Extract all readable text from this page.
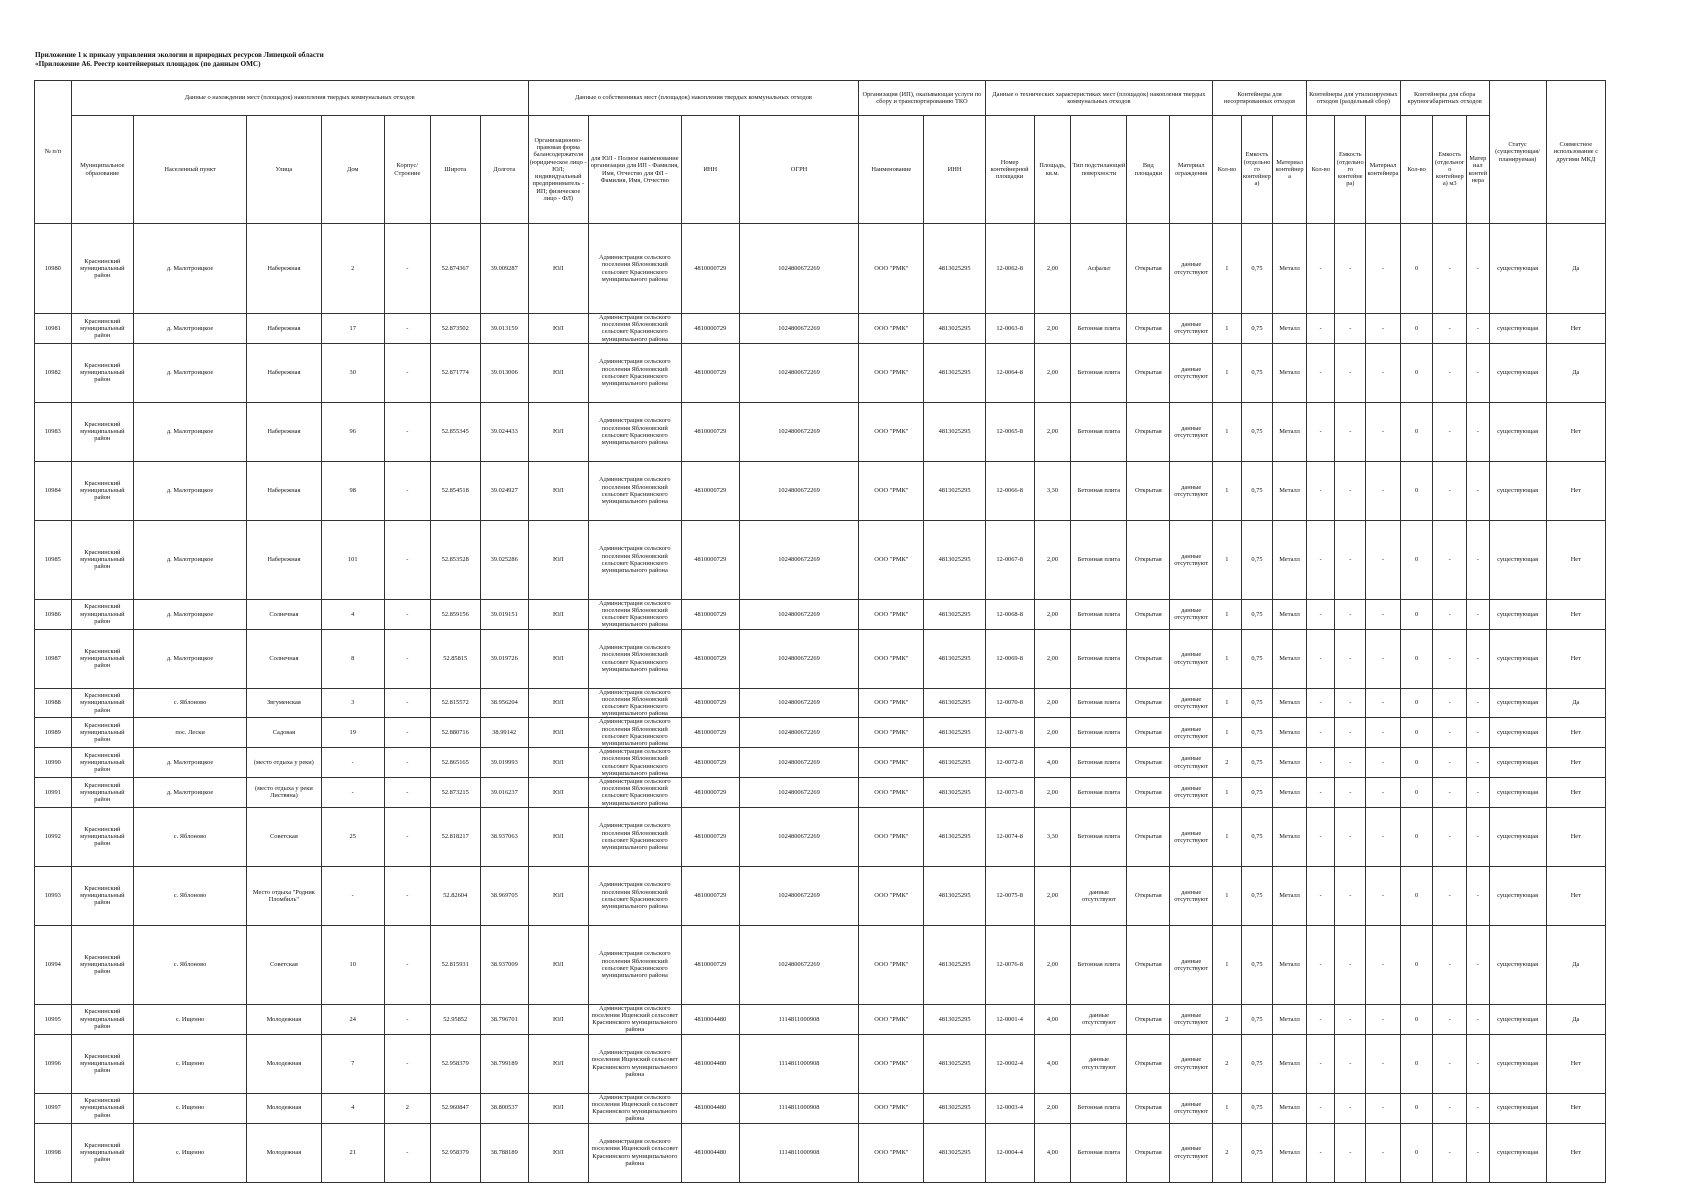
Приложение 1 к приказу управления экологии и природных ресурсов Липецкой области
«Приложение А6. Реестр контейнерных площадок (по данным ОМС)
№ п/п	Данные о нахождении мест (площадок) накопления твердых коммунальных отходов							Данные о собственниках мест (площадок) накопления твердых коммунальных отходов				Организация (ИП), оказывающая услуги по сбору и транспортированию ТКО		Данные о технических характеристиках мест (площадок) накопления твердых коммунальных отходов					Контейнеры для несортированных отходов			Контейнеры для утилизируемых отходов (раздельный сбор)			Контейнеры для сбора крупногабаритных отходов			Статус (существующая/ планируемая)	Совместное использование с другими МКД
	Муниципальное образование	Населенный пункт	Улица	Дом	Корпус/Строение	Широта	Долгота	Организационно-правовая форма балансодержателя (юридическое лицо - ЮЛ; индивидуальный предприниматель - ИП; физическое лицо - ФЛ)	для ЮЛ - Полное наименование организации для ИП - Фамилия, Имя, Отчество для ФЛ - Фамилия, Имя, Отчество	ИНН	ОГРН	Наименование	ИНН	Номер контейнерной площадки	Площадь, кв.м.	Тип подстилающей поверхности	Вид площадки	Материал ограждения	Кол-во	Емкость (отдельного контейнера)	Материал контейнера	Кол-во	Емкость (отдельного контейнера)	Материал контейнера	Кол-во	Емкость (отдельного контейнера) м3	Материал контейнера		
10980	Краснинский муниципальный район	д. Малотроицкое	Набережная	2	-	52.874367	39.009287	ЮЛ	Администрация сельского поселения Яблоновский сельсовет Краснинского муниципального района	4810000729	1024800672269	ООО "РМК"	4813025295	12-0062-8	2,00	Асфальт	Открытая	данные отсутствуют	1	0,75	Металл	-	-	-	0	-	-	существующая	Да
10981	Краснинский муниципальный район	д. Малотроицкое	Набережная	17	-	52.873502	39.013159	ЮЛ	Администрация сельского поселения Яблоновский сельсовет Краснинского муниципального района	4810000729	1024800672269	ООО "РМК"	4813025295	12-0063-8	2,00	Бетонная плита	Открытая	данные отсутствуют	1	0,75	Металл	-	-	-	0	-	-	существующая	Нет
10982	Краснинский муниципальный район	д. Малотроицкое	Набережная	30	-	52.871774	39.013006	ЮЛ	Администрация сельского поселения Яблоновский сельсовет Краснинского муниципального района	4810000729	1024800672269	ООО "РМК"	4813025295	12-0064-8	2,00	Бетонная плита	Открытая	данные отсутствуют	1	0,75	Металл	-	-	-	0	-	-	существующая	Да
10983	Краснинский муниципальный район	д. Малотроицкое	Набережная	96	-	52.855345	39.024433	ЮЛ	Администрация сельского поселения Яблоновский сельсовет Краснинского муниципального района	4810000729	1024800672269	ООО "РМК"	4813025295	12-0065-8	2,00	Бетонная плита	Открытая	данные отсутствуют	1	0,75	Металл	-	-	-	0	-	-	существующая	Нет
10984	Краснинский муниципальный район	д. Малотроицкое	Набережная	98	-	52.854518	39.024927	ЮЛ	Администрация сельского поселения Яблоновский сельсовет Краснинского муниципального района	4810000729	1024800672269	ООО "РМК"	4813025295	12-0066-8	3,30	Бетонная плита	Открытая	данные отсутствуют	1	0,75	Металл	-	-	-	0	-	-	существующая	Нет
10985	Краснинский муниципальный район	д. Малотроицкое	Набережная	101	-	52.853528	39.025286	ЮЛ	Администрация сельского поселения Яблоновский сельсовет Краснинского муниципального района	4810000729	1024800672269	ООО "РМК"	4813025295	12-0067-8	2,00	Бетонная плита	Открытая	данные отсутствуют	1	0,75	Металл	-	-	-	0	-	-	существующая	Нет
10986	Краснинский муниципальный район	д. Малотроицкое	Солнечная	4	-	52.859156	39.019151	ЮЛ	Администрация сельского поселения Яблоновский сельсовет Краснинского муниципального района	4810000729	1024800672269	ООО "РМК"	4813025295	12-0068-8	2,00	Бетонная плита	Открытая	данные отсутствуют	1	0,75	Металл	-	-	-	0	-	-	существующая	Нет
10987	Краснинский муниципальный район	д. Малотроицкое	Солнечная	8	-	52.85815	39.019726	ЮЛ	Администрация сельского поселения Яблоновский сельсовет Краснинского муниципального района	4810000729	1024800672269	ООО "РМК"	4813025295	12-0069-8	2,00	Бетонная плита	Открытая	данные отсутствуют	1	0,75	Металл	-	-	-	0	-	-	существующая	Нет
10988	Краснинский муниципальный район	с. Яблоново	Звгуменская	3	-	52.815572	38.956204	ЮЛ	Администрация сельского поселения Яблоновский сельсовет Краснинского муниципального района	4810000729	1024800672269	ООО "РМК"	4813025295	12-0070-8	2,00	Бетонная плита	Открытая	данные отсутствуют	1	0,75	Металл	-	-	-	0	-	-	существующая	Да
10989	Краснинский муниципальный район	пос. Лески	Садовая	19	-	52.880716	38.99142	ЮЛ	Администрация сельского поселения Яблоновский сельсовет Краснинского муниципального района	4810000729	1024800672269	ООО "РМК"	4813025295	12-0071-8	2,00	Бетонная плита	Открытая	данные отсутствуют	1	0,75	Металл	-	-	-	0	-	-	существующая	Нет
10990	Краснинский муниципальный район	д. Малотроицкое	(место отдыха у реки)	-	-	52.865165	39.019993	ЮЛ	Администрация сельского поселения Яблоновский сельсовет Краснинского муниципального района	4810000729	1024800672269	ООО "РМК"	4813025295	12-0072-8	4,00	Бетонная плита	Открытая	данные отсутствуют	2	0,75	Металл	-	-	-	0	-	-	существующая	Нет
10991	Краснинский муниципальный район	д. Малотроицкое	(место отдыха у реки Листвяна)	-	-	52.873215	39.016237	ЮЛ	Администрация сельского поселения Яблоновский сельсовет Краснинского муниципального района	4810000729	1024800672269	ООО "РМК"	4813025295	12-0073-8	2,00	Бетонная плита	Открытая	данные отсутствуют	1	0,75	Металл	-	-	-	0	-	-	существующая	Нет
10992	Краснинский муниципальный район	с. Яблоново	Советская	25	-	52.818217	38.937063	ЮЛ	Администрация сельского поселения Яблоновский сельсовет Краснинского муниципального района	4810000729	1024800672269	ООО "РМК"	4813025295	12-0074-8	3,30	Бетонная плита	Открытая	данные отсутствуют	1	0,75	Металл	-	-	-	0	-	-	существующая	Нет
10993	Краснинский муниципальный район	с. Яблоново	Место отдыха "Родник Пломбиль"	-	-	52.82604	38.969705	ЮЛ	Администрация сельского поселения Яблоновский сельсовет Краснинского муниципального района	4810000729	1024800672269	ООО "РМК"	4813025295	12-0075-8	2,00	данные отсутствуют	Открытая	данные отсутствуют	1	0,75	Металл	-	-	-	0	-	-	существующая	Нет
10994	Краснинский муниципальный район	с. Яблоново	Советская	10	-	52.815931	38.937009	ЮЛ	Администрация сельского поселения Яблоновский сельсовет Краснинского муниципального района	4810000729	1024800672269	ООО "РМК"	4813025295	12-0076-8	2,00	Бетонная плита	Открытая	данные отсутствуют	1	0,75	Металл	-	-	-	0	-	-	существующая	Да
10995	Краснинский муниципальный район	с. Ищенно	Молодежная	24	-	52.95852	38.796701	ЮЛ	Администрация сельского поселения Ищенский сельсовет Краснинского муниципального района	4810004480	1114811000908	ООО "РМК"	4813025295	12-0001-4	4,00	данные отсутствуют	Открытая	данные отсутствуют	2	0,75	Металл	-	-	-	0	-	-	существующая	Да
10996	Краснинский муниципальный район	с. Ищенно	Молодежная	7	-	52.958379	38.799189	ЮЛ	Администрация сельского поселения Ищенский сельсовет Краснинского муниципального района	4810004480	1114811000908	ООО "РМК"	4813025295	12-0002-4	4,00	данные отсутствуют	Открытая	данные отсутствуют	2	0,75	Металл	-	-	-	0	-	-	существующая	Нет
10997	Краснинский муниципальный район	с. Ищенно	Молодежная	4	2	52.960847	38.800537	ЮЛ	Администрация сельского поселения Ищенский сельсовет Краснинского муниципального района	4810004480	1114811000908	ООО "РМК"	4813025295	12-0003-4	2,00	Бетонная плита	Открытая	данные отсутствуют	1	0,75	Металл	-	-	-	0	-	-	существующая	Нет
10998	Краснинский муниципальный район	с. Ищенно	Молодежная	21	-	52.958379	38.788189	ЮЛ	Администрация сельского поселения Ищенский сельсовет Краснинского муниципального района	4810004480	1114811000908	ООО "РМК"	4813025295	12-0004-4	4,00	Бетонная плита	Открытая	данные отсутствуют	2	0,75	Металл	-	-	-	0	-	-	существующая	Нет
